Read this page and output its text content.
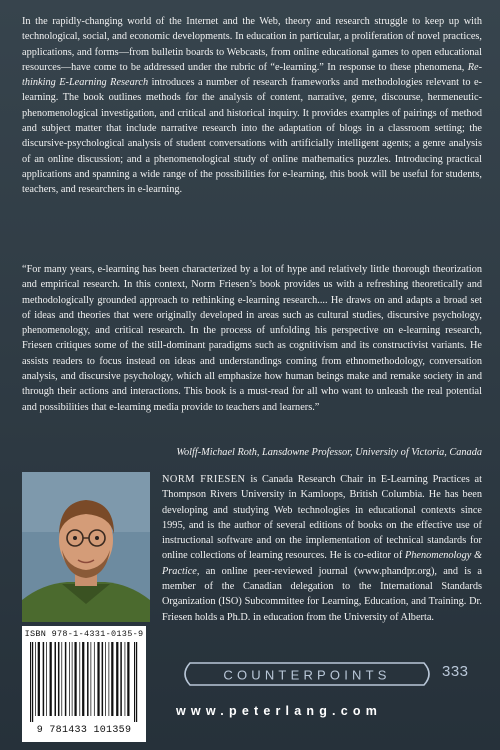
In the rapidly-changing world of the Internet and the Web, theory and research struggle to keep up with technological, social, and economic developments. In education in particular, a proliferation of novel practices, applications, and forms—from bulletin boards to Webcasts, from online educational games to open educational resources—have come to be addressed under the rubric of “e-learning.” In response to these phenomena, Re-thinking E-Learning Research introduces a number of research frameworks and methodologies relevant to e-learning. The book outlines methods for the analysis of content, narrative, genre, discourse, hermeneutic-phenomenological investigation, and critical and historical inquiry. It provides examples of pairings of method and subject matter that include narrative research into the adaptation of blogs in a classroom setting; the discursive-psychological analysis of student conversations with artificially intelligent agents; a genre analysis of an online discussion; and a phenomenological study of online mathematics puzzles. Introducing practical applications and spanning a wide range of the possibilities for e-learning, this book will be useful for students, teachers, and researchers in e-learning.

“For many years, e-learning has been characterized by a lot of hype and relatively little thorough theorization and empirical research. In this context, Norm Friesen’s book provides us with a refreshing theoretically and methodologically grounded approach to rethinking e-learning research.... He draws on and adapts a broad set of ideas and theories that were originally developed in areas such as cultural studies, discursive psychology, phenomenology, and critical research. In the process of unfolding his perspective on e-learning research, Friesen critiques some of the still-dominant paradigms such as cognitivism and its constructivist variants. He assists readers to focus instead on ideas and understandings coming from ethnomethodology, conversation analysis, and discursive psychology, which all emphasize how human beings make and remake society in and through their actions and interactions. This book is a must-read for all who want to unleash the real potential and possibilities that e-learning media provide to teachers and learners.”

Wolff-Michael Roth, Lansdowne Professor, University of Victoria, Canada

NORM FRIESEN is Canada Research Chair in E-Learning Practices at Thompson Rivers University in Kamloops, British Columbia. He has been developing and studying Web technologies in educational contexts since 1995, and is the author of several editions of books on the effective use of instructional software and on the implementation of technical standards for online collections of learning resources. He is co-editor of Phenomenology & Practice, an online peer-reviewed journal (www.phandpr.org), and is a member of the Canadian delegation to the International Standards Organization (ISO) Subcommittee for Learning, Education, and Training. Dr. Friesen holds a Ph.D. in education from the University of Alberta.

ISBN 978-1-4331-0135-9
9 781433 101359
COUNTERPOINTS	333
www.peterlang.com
